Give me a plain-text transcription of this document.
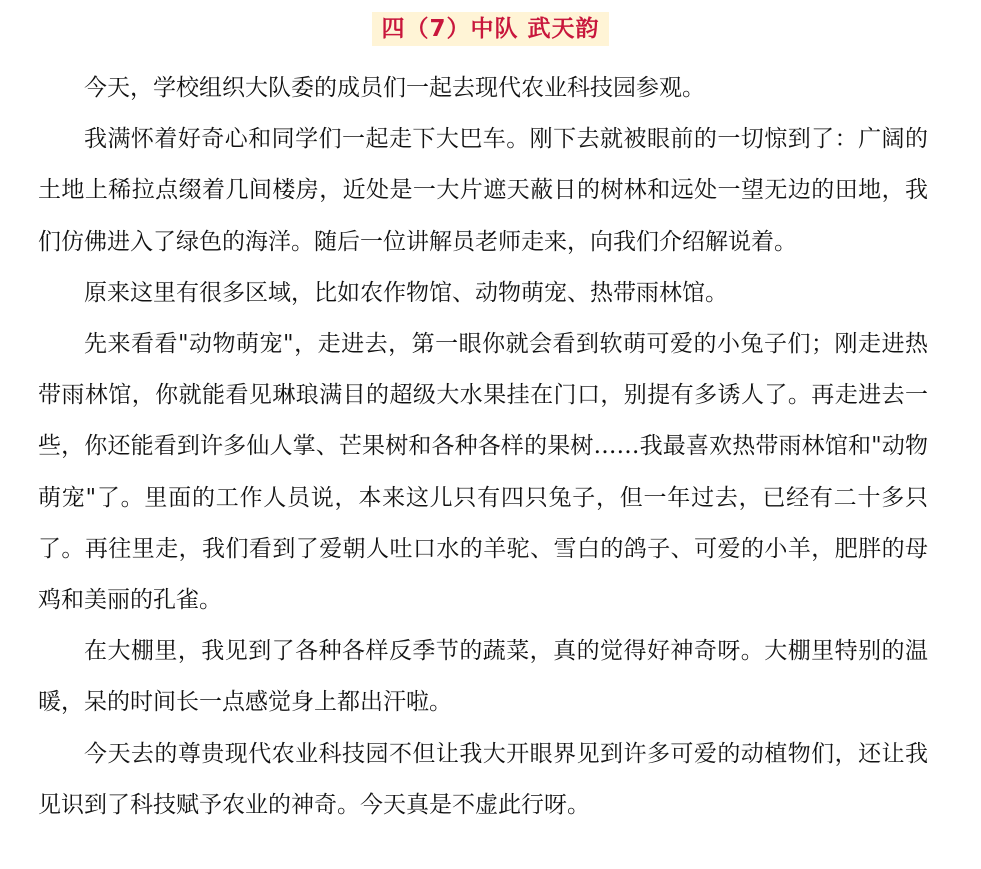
四（7）中队 武天韵

今天，学校组织大队委的成员们一起去现代农业科技园参观。

我满怀着好奇心和同学们一起走下大巴车。刚下去就被眼前的一切惊到了：广阔的土地上稀拉点缀着几间楼房，近处是一大片遮天蔽日的树林和远处一望无边的田地，我们仿佛进入了绿色的海洋。随后一位讲解员老师走来，向我们介绍解说着。

原来这里有很多区域，比如农作物馆、动物萌宠、热带雨林馆。

先来看看"动物萌宠"，走进去，第一眼你就会看到软萌可爱的小兔子们；刚走进热带雨林馆，你就能看见琳琅满目的超级大水果挂在门口，别提有多诱人了。再走进去一些，你还能看到许多仙人掌、芒果树和各种各样的果树……我最喜欢热带雨林馆和"动物萌宠"了。里面的工作人员说，本来这儿只有四只兔子，但一年过去，已经有二十多只了。再往里走，我们看到了爱朝人吐口水的羊驼、雪白的鸽子、可爱的小羊，肥胖的母鸡和美丽的孔雀。

在大棚里，我见到了各种各样反季节的蔬菜，真的觉得好神奇呀。大棚里特别的温暖，呆的时间长一点感觉身上都出汗啦。

今天去的尊贵现代农业科技园不但让我大开眼界见到许多可爱的动植物们，还让我见识到了科技赋予农业的神奇。今天真是不虚此行呀。
